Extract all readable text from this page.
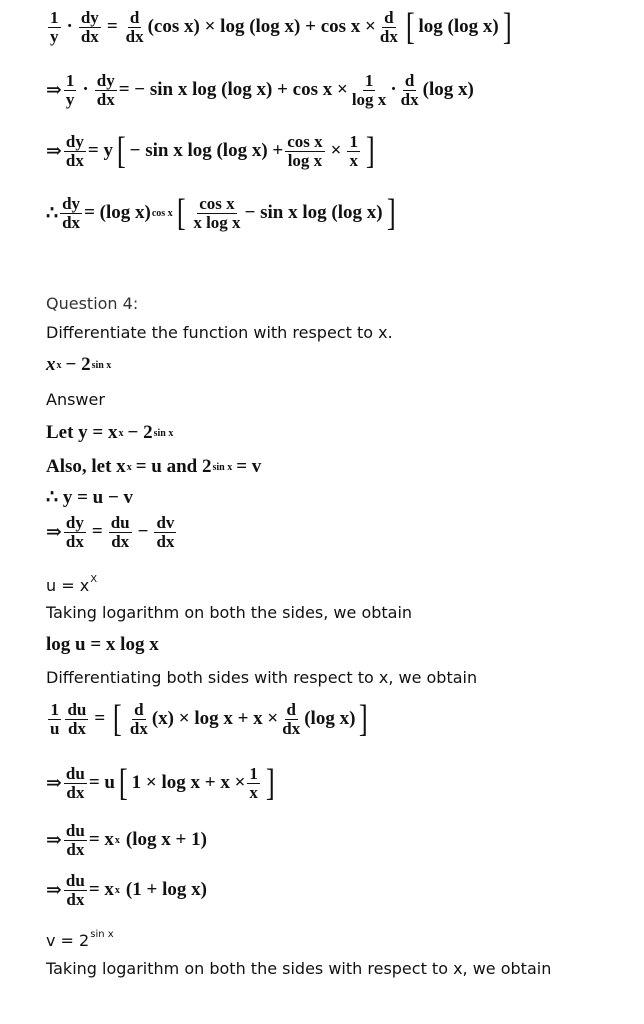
$\frac{1}{y} \cdot \frac{dy}{dx} = \frac{d}{dx} (\cos$ x) × log (log $x) + \cos x \times \frac{d}{dx}$ [ log (log x) ]
⇒ $\frac{1}{y} \cdot \frac{dy}{dx}$ = − sin x log (log $x) + \cos x \times \frac{1}{\text{log x}} \cdot \frac{d}{dx} (\log$ x)
⇒ $\frac{dy}{dx} = y$ [ − sin x log (log $x) + \frac{\text{cos x}}{\text{log x}} \times \frac{1}{x}$ ]
∴ $\frac{dy}{dx} = (\log$ x) cos x [ $\frac{\text{cos x}}{\text{x log x}} - \sin x$ log (log x) ]
Question 4:
Differentiate the function with respect to x.
x x − 2 sin x
Answer
Let y = x x − 2 sin x
Also, let x x = u and 2 sin x = v
∴ y = u − v
⇒ $\frac{dy}{dx} = \frac{du}{dx} - \frac{dv}{dx}$
$u = x^X$
Taking logarithm on both the sides, we obtain
log u = x log x
Differentiating both sides with respect to x, we obtain
$\frac{1}{u} \frac{du}{dx}$ = [ $\frac{d}{dx} (x) \times \log x + x \times \frac{d}{dx} (\log$ x) ]
⇒ $\frac{du}{dx} = u$ [ $1 \times \log x + x \times \frac{1}{x}$ ]
⇒ $\frac{du}{dx} = x$ x (log x + 1)
⇒ $\frac{du}{dx} = x$ x (1 + log x)
$v = 2^{sin x}$
Taking logarithm on both the sides with respect to x, we obtain
